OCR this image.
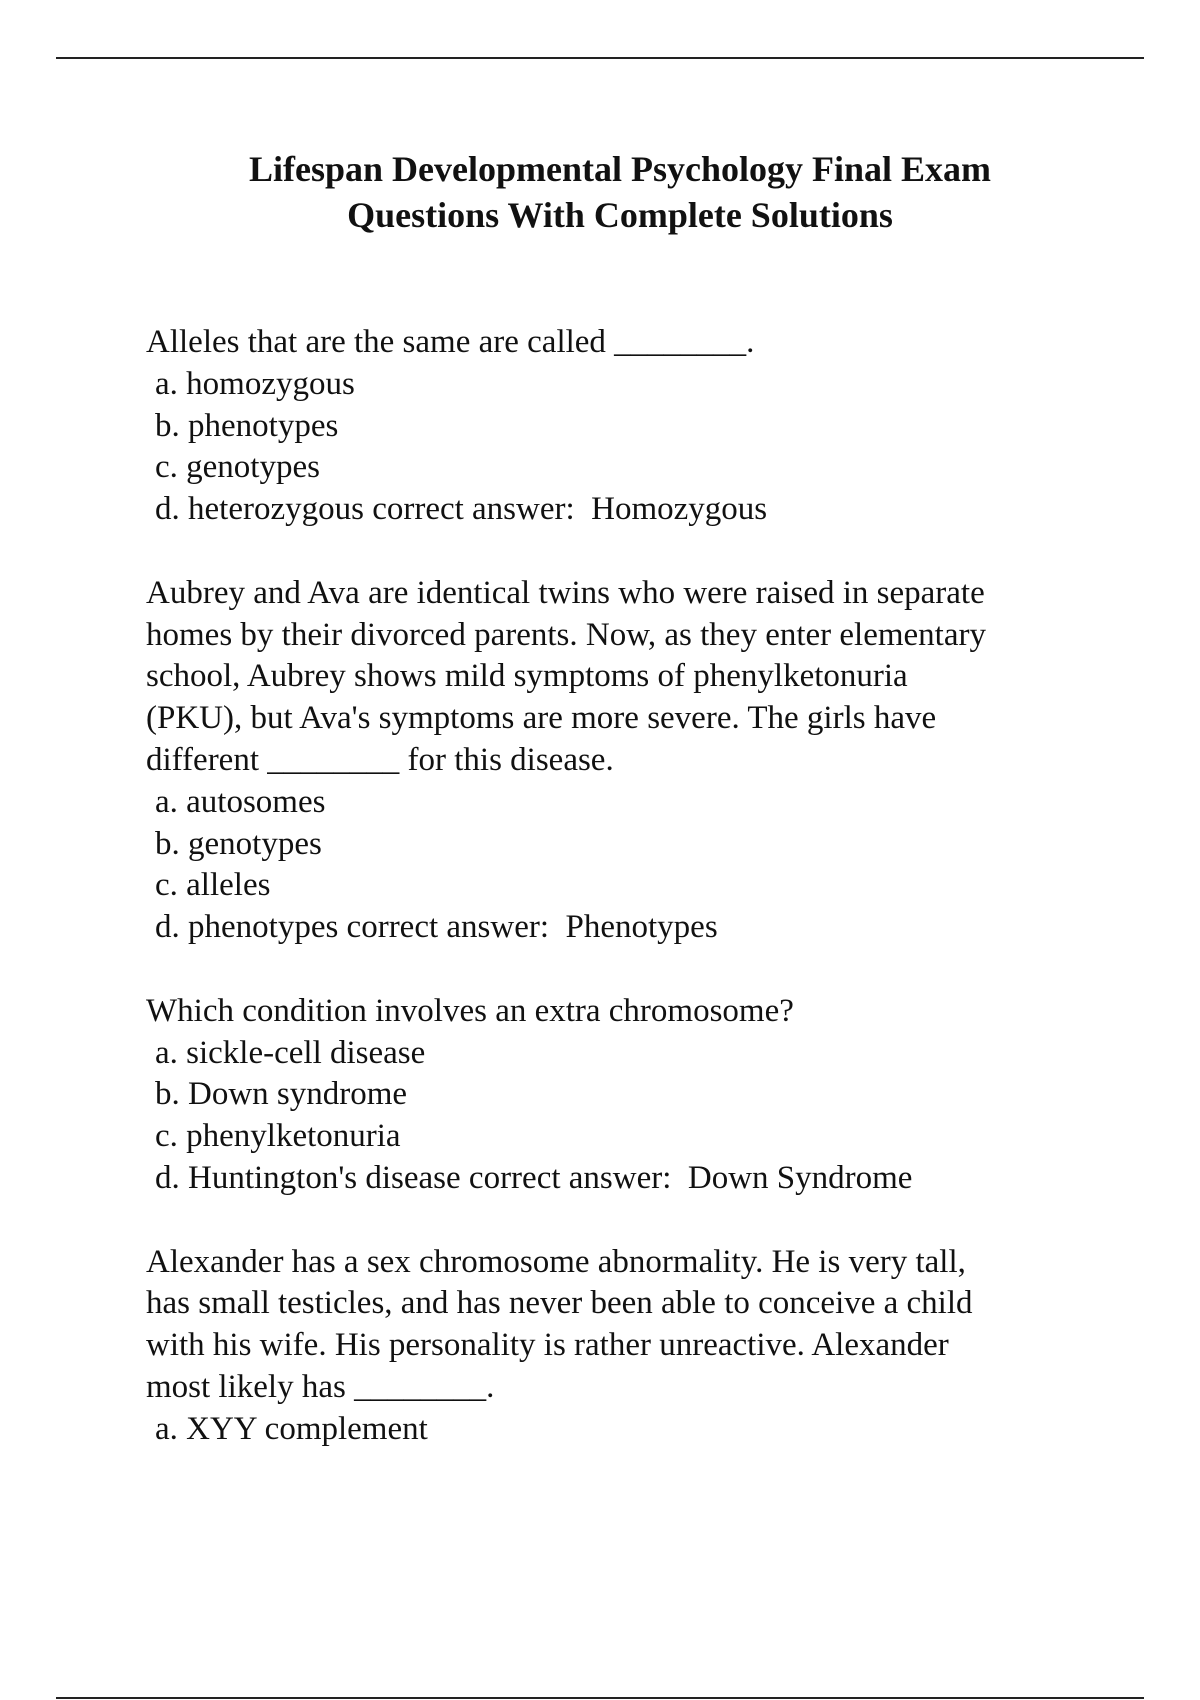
Lifespan Developmental Psychology Final Exam
Questions With Complete Solutions
Alleles that are the same are called ________.
a. homozygous
b. phenotypes
c. genotypes
d. heterozygous correct answer:  Homozygous
Aubrey and Ava are identical twins who were raised in separate
homes by their divorced parents. Now, as they enter elementary
school, Aubrey shows mild symptoms of phenylketonuria
(PKU), but Ava's symptoms are more severe. The girls have
different ________ for this disease.
a. autosomes
b. genotypes
c. alleles
d. phenotypes correct answer:  Phenotypes
Which condition involves an extra chromosome?
a. sickle-cell disease
b. Down syndrome
c. phenylketonuria
d. Huntington's disease correct answer:  Down Syndrome
Alexander has a sex chromosome abnormality. He is very tall,
has small testicles, and has never been able to conceive a child
with his wife. His personality is rather unreactive. Alexander
most likely has ________.
a. XYY complement
